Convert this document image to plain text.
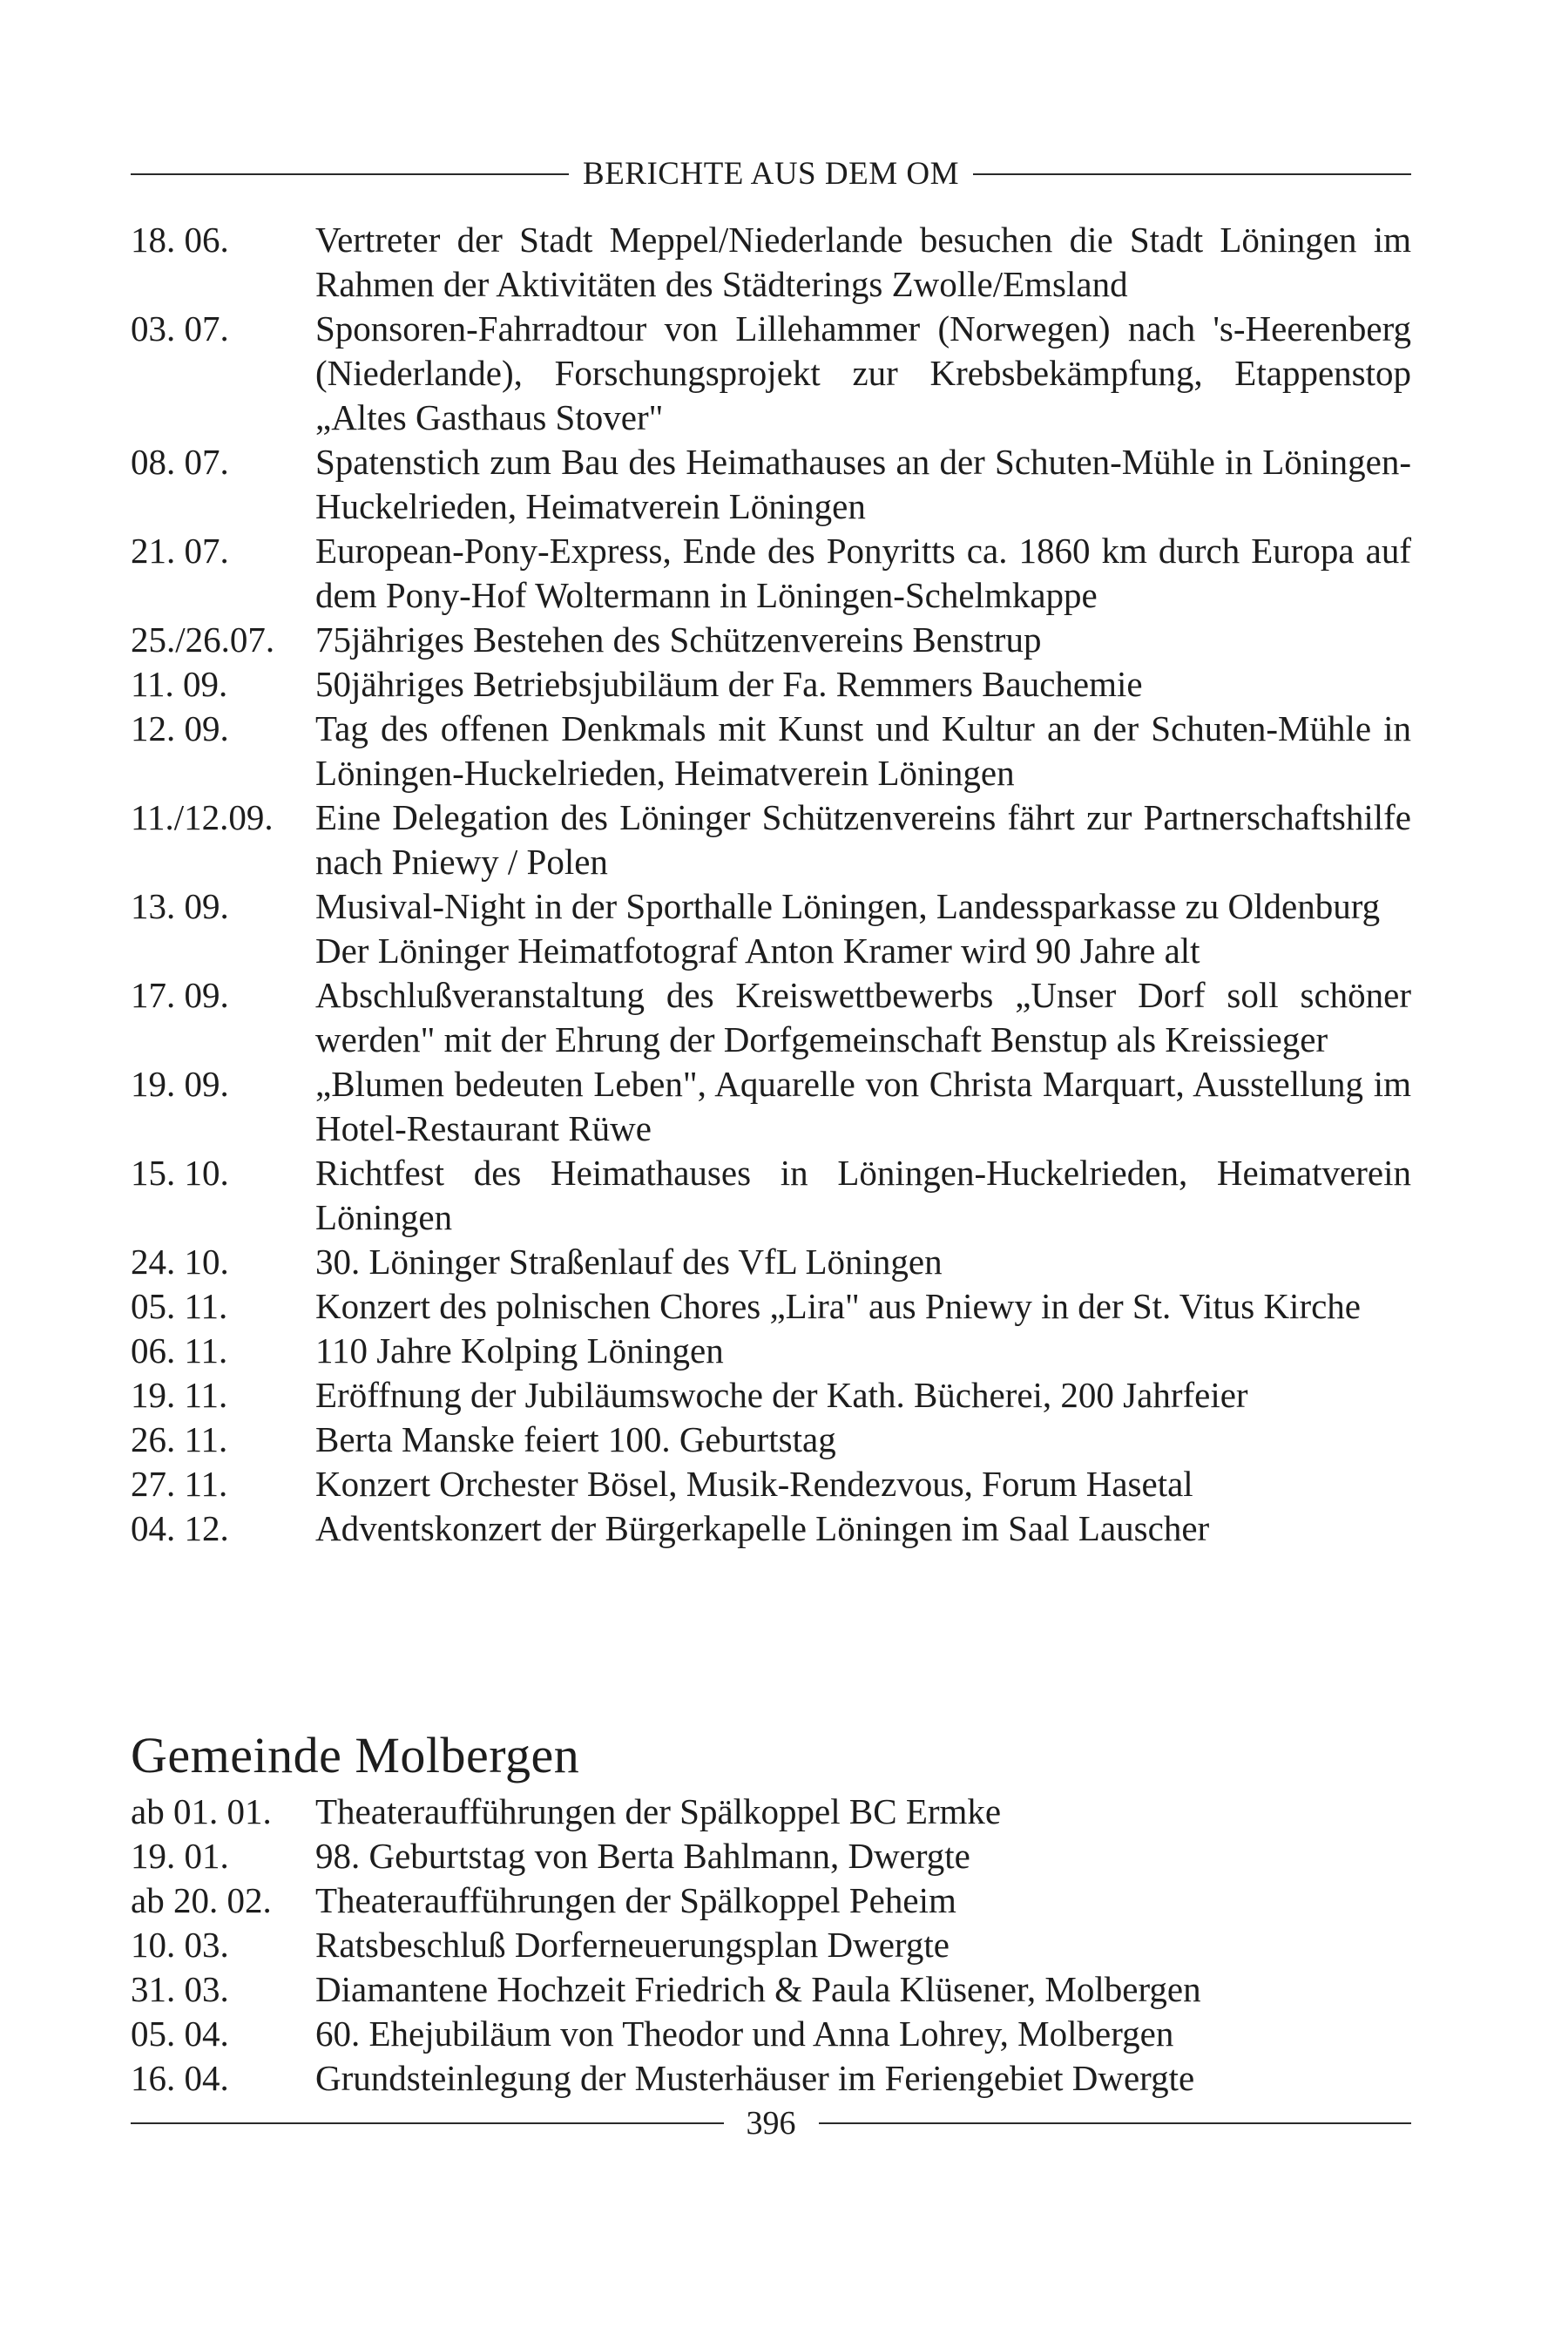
BERICHTE AUS DEM OM
18. 06.	Vertreter der Stadt Meppel/Niederlande besuchen die Stadt Löningen im Rahmen der Aktivitäten des Städterings Zwolle/Emsland
03. 07.	Sponsoren-Fahrradtour von Lillehammer (Norwegen) nach 's-Heerenberg (Niederlande), Forschungsprojekt zur Krebsbekämpfung, Etappenstop „Altes Gasthaus Stover"
08. 07.	Spatenstich zum Bau des Heimathauses an der Schuten-Mühle in Löningen-Huckelrieden, Heimatverein Löningen
21. 07.	European-Pony-Express, Ende des Ponyritts ca. 1860 km durch Europa auf dem Pony-Hof Woltermann in Löningen-Schelmkappe
25./26.07.	75jähriges Bestehen des Schützenvereins Benstrup
11. 09.	50jähriges Betriebsjubiläum der Fa. Remmers Bauchemie
12. 09.	Tag des offenen Denkmals mit Kunst und Kultur an der Schuten-Mühle in Löningen-Huckelrieden, Heimatverein Löningen
11./12.09.	Eine Delegation des Löninger Schützenvereins fährt zur Partnerschaftshilfe nach Pniewy / Polen
13. 09.	Musival-Night in der Sporthalle Löningen, Landessparkasse zu Oldenburg
Der Löninger Heimatfotograf Anton Kramer wird 90 Jahre alt
17. 09.	Abschlußveranstaltung des Kreiswettbewerbs „Unser Dorf soll schöner werden" mit der Ehrung der Dorfgemeinschaft Benstup als Kreissieger
19. 09.	„Blumen bedeuten Leben", Aquarelle von Christa Marquart, Ausstellung im Hotel-Restaurant Rüwe
15. 10.	Richtfest des Heimathauses in Löningen-Huckelrieden, Heimatverein Löningen
24. 10.	30. Löninger Straßenlauf des VfL Löningen
05. 11.	Konzert des polnischen Chores „Lira" aus Pniewy in der St. Vitus Kirche
06. 11.	110 Jahre Kolping Löningen
19. 11.	Eröffnung der Jubiläumswoche der Kath. Bücherei, 200 Jahrfeier
26. 11.	Berta Manske feiert 100. Geburtstag
27. 11.	Konzert Orchester Bösel, Musik-Rendezvous, Forum Hasetal
04. 12.	Adventskonzert der Bürgerkapelle Löningen im Saal Lauscher
Gemeinde Molbergen
ab 01. 01.	Theateraufführungen der Spälkoppel BC Ermke
19. 01.	98. Geburtstag von Berta Bahlmann, Dwergte
ab 20. 02.	Theateraufführungen der Spälkoppel Peheim
10. 03.	Ratsbeschluß Dorferneuerungsplan Dwergte
31. 03.	Diamantene Hochzeit Friedrich & Paula Klüsener, Molbergen
05. 04.	60. Ehejubiläum von Theodor und Anna Lohrey, Molbergen
16. 04.	Grundsteinlegung der Musterhäuser im Feriengebiet Dwergte
396
